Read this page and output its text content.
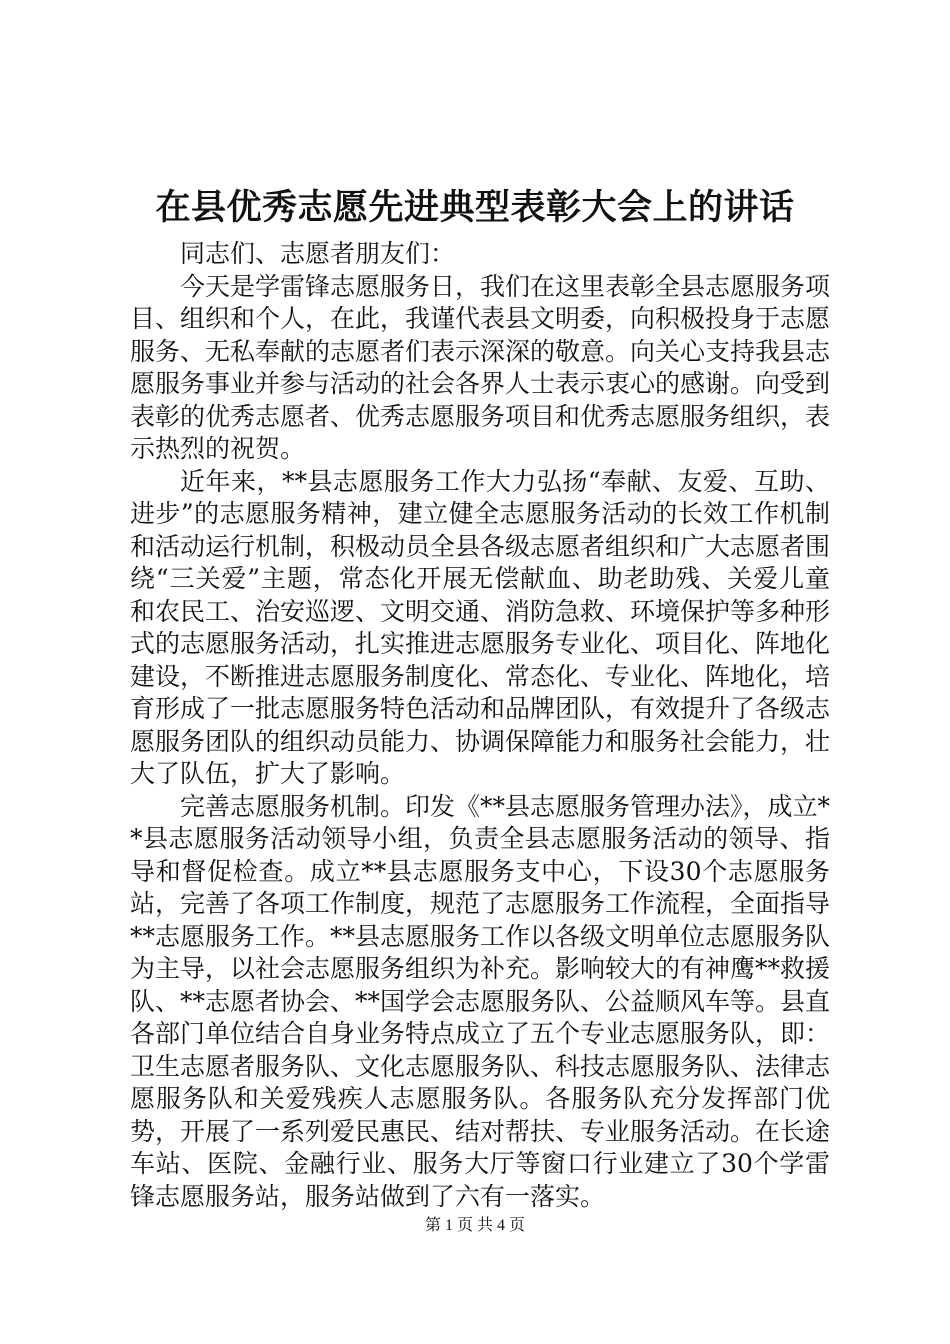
在县优秀志愿先进典型表彰大会上的讲话

同志们、志愿者朋友们：

今天是学雷锋志愿服务日，我们在这里表彰全县志愿服务项目、组织和个人，在此，我谨代表县文明委，向积极投身于志愿服务、无私奉献的志愿者们表示深深的敬意。向关心支持我县志愿服务事业并参与活动的社会各界人士表示衷心的感谢。向受到表彰的优秀志愿者、优秀志愿服务项目和优秀志愿服务组织，表示热烈的祝贺。

近年来，**县志愿服务工作大力弘扬“奉献、友爱、互助、进步”的志愿服务精神，建立健全志愿服务活动的长效工作机制和活动运行机制，积极动员全县各级志愿者组织和广大志愿者围绕“三关爱”主题，常态化开展无偿献血、助老助残、关爱儿童和农民工、治安巡逻、文明交通、消防急救、环境保护等多种形式的志愿服务活动，扎实推进志愿服务专业化、项目化、阵地化建设，不断推进志愿服务制度化、常态化、专业化、阵地化，培育形成了一批志愿服务特色活动和品牌团队，有效提升了各级志愿服务团队的组织动员能力、协调保障能力和服务社会能力，壮大了队伍，扩大了影响。

完善志愿服务机制。印发《**县志愿服务管理办法》，成立**县志愿服务活动领导小组，负责全县志愿服务活动的领导、指导和督促检查。成立**县志愿服务支中心，下设30个志愿服务站，完善了各项工作制度，规范了志愿服务工作流程，全面指导**志愿服务工作。**县志愿服务工作以各级文明单位志愿服务队为主导，以社会志愿服务组织为补充。影响较大的有神鹰**救援队、**志愿者协会、**国学会志愿服务队、公益顺风车等。县直各部门单位结合自身业务特点成立了五个专业志愿服务队，即：卫生志愿者服务队、文化志愿服务队、科技志愿服务队、法律志愿服务队和关爱残疾人志愿服务队。各服务队充分发挥部门优势，开展了一系列爱民惠民、结对帮扶、专业服务活动。在长途车站、医院、金融行业、服务大厅等窗口行业建立了30个学雷锋志愿服务站，服务站做到了六有一落实。

第 1 页 共 4 页
